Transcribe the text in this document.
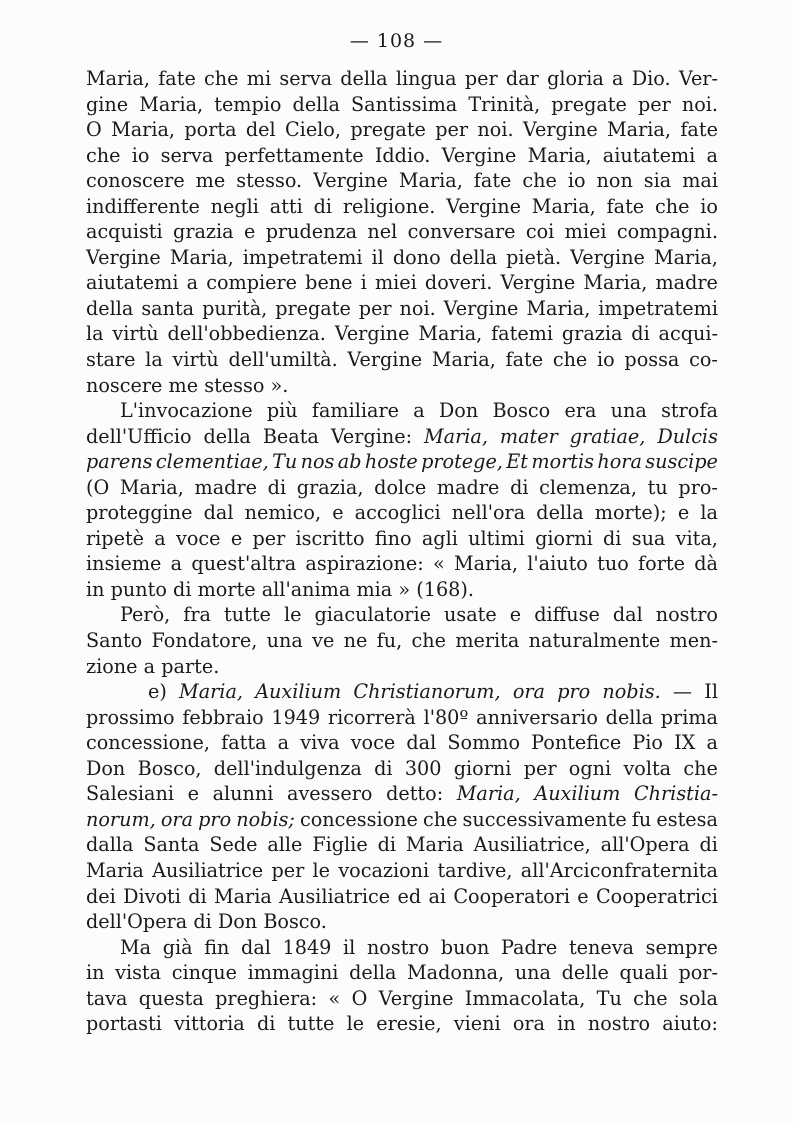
— 108 —
Maria, fate che mi serva della lingua per dar gloria a Dio. Ver-
gine Maria, tempio della Santissima Trinità, pregate per noi.
O Maria, porta del Cielo, pregate per noi. Vergine Maria, fate
che io serva perfettamente Iddio. Vergine Maria, aiutatemi a
conoscere me stesso. Vergine Maria, fate che io non sia mai
indifferente negli atti di religione. Vergine Maria, fate che io
acquisti grazia e prudenza nel conversare coi miei compagni.
Vergine Maria, impetratemi il dono della pietà. Vergine Maria,
aiutatemi a compiere bene i miei doveri. Vergine Maria, madre
della santa purità, pregate per noi. Vergine Maria, impetratemi
la virtù dell'obbedienza. Vergine Maria, fatemi grazia di acqui-
stare la virtù dell'umiltà. Vergine Maria, fate che io possa co-
noscere me stesso ».
L'invocazione più familiare a Don Bosco era una strofa
dell'Ufficio della Beata Vergine: Maria, mater gratiae, Dulcis
parens clementiae, Tu nos ab hoste protege, Et mortis hora suscipe
(O Maria, madre di grazia, dolce madre di clemenza, tu pro-
proteggine dal nemico, e accoglici nell'ora della morte); e la
ripetè a voce e per iscritto fino agli ultimi giorni di sua vita,
insieme a quest'altra aspirazione: « Maria, l'aiuto tuo forte dà
in punto di morte all'anima mia » (168).
Però, fra tutte le giaculatorie usate e diffuse dal nostro
Santo Fondatore, una ve ne fu, che merita naturalmente men-
zione a parte.
e) Maria, Auxilium Christianorum, ora pro nobis. — Il
prossimo febbraio 1949 ricorrerà l'80º anniversario della prima
concessione, fatta a viva voce dal Sommo Pontefice Pio IX a
Don Bosco, dell'indulgenza di 300 giorni per ogni volta che
Salesiani e alunni avessero detto: Maria, Auxilium Christia-
norum, ora pro nobis; concessione che successivamente fu estesa
dalla Santa Sede alle Figlie di Maria Ausiliatrice, all'Opera di
Maria Ausiliatrice per le vocazioni tardive, all'Arciconfraternita
dei Divoti di Maria Ausiliatrice ed ai Cooperatori e Cooperatrici
dell'Opera di Don Bosco.
Ma già fin dal 1849 il nostro buon Padre teneva sempre
in vista cinque immagini della Madonna, una delle quali por-
tava questa preghiera: « O Vergine Immacolata, Tu che sola
portasti vittoria di tutte le eresie, vieni ora in nostro aiuto:
